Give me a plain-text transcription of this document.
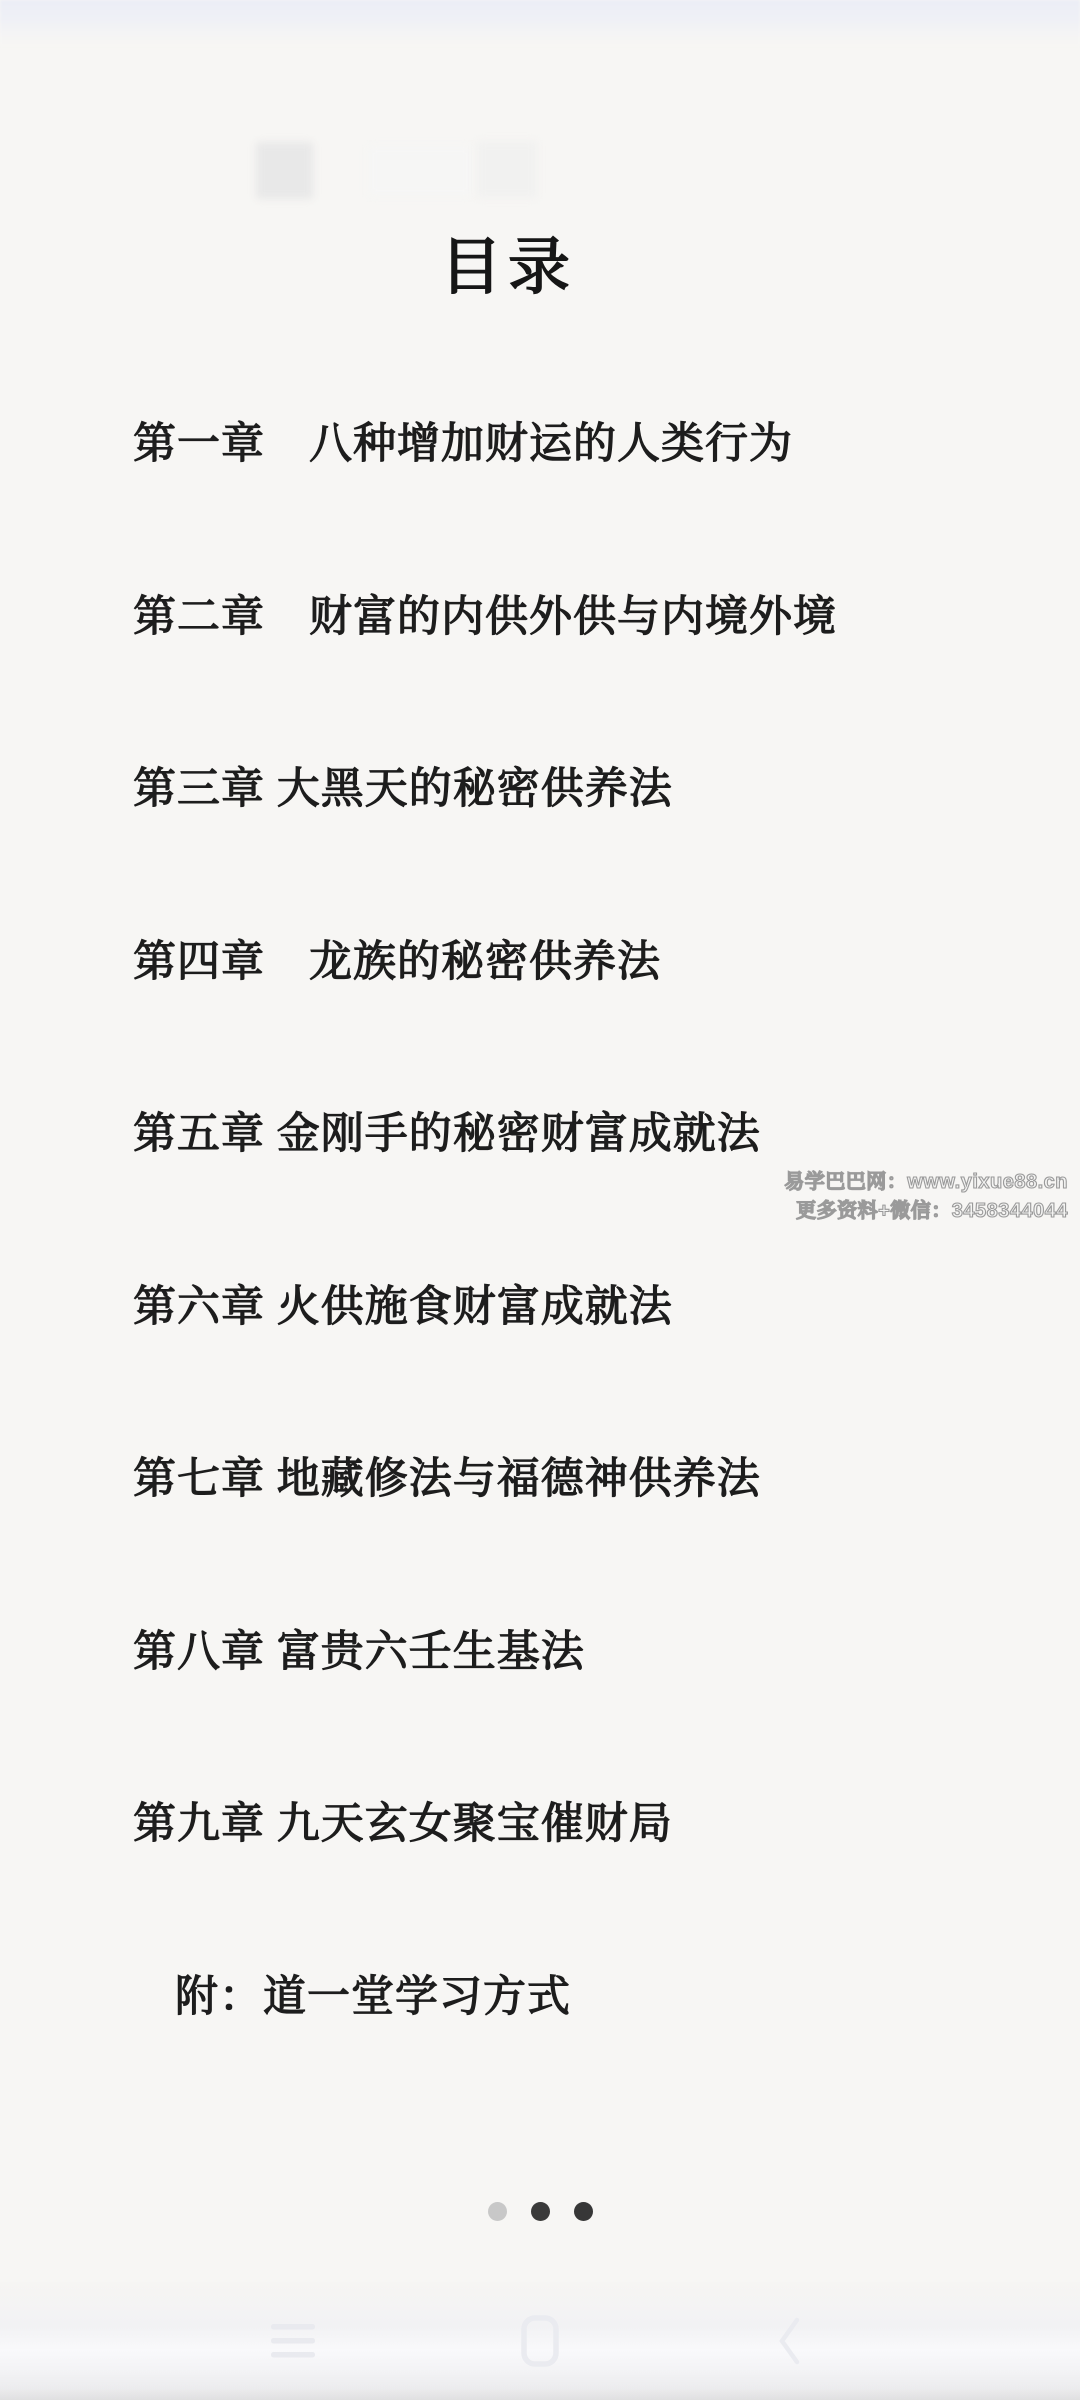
目录
第一章　八种增加财运的人类行为
第二章　财富的内供外供与内境外境
第三章 大黑天的秘密供养法
第四章　龙族的秘密供养法
第五章 金刚手的秘密财富成就法
第六章 火供施食财富成就法
第七章 地藏修法与福德神供养法
第八章 富贵六壬生基法
第九章 九天玄女聚宝催财局
附：道一堂学习方式
易学巴巴网：www.yixue88.cn
更多资料+微信：3458344044
